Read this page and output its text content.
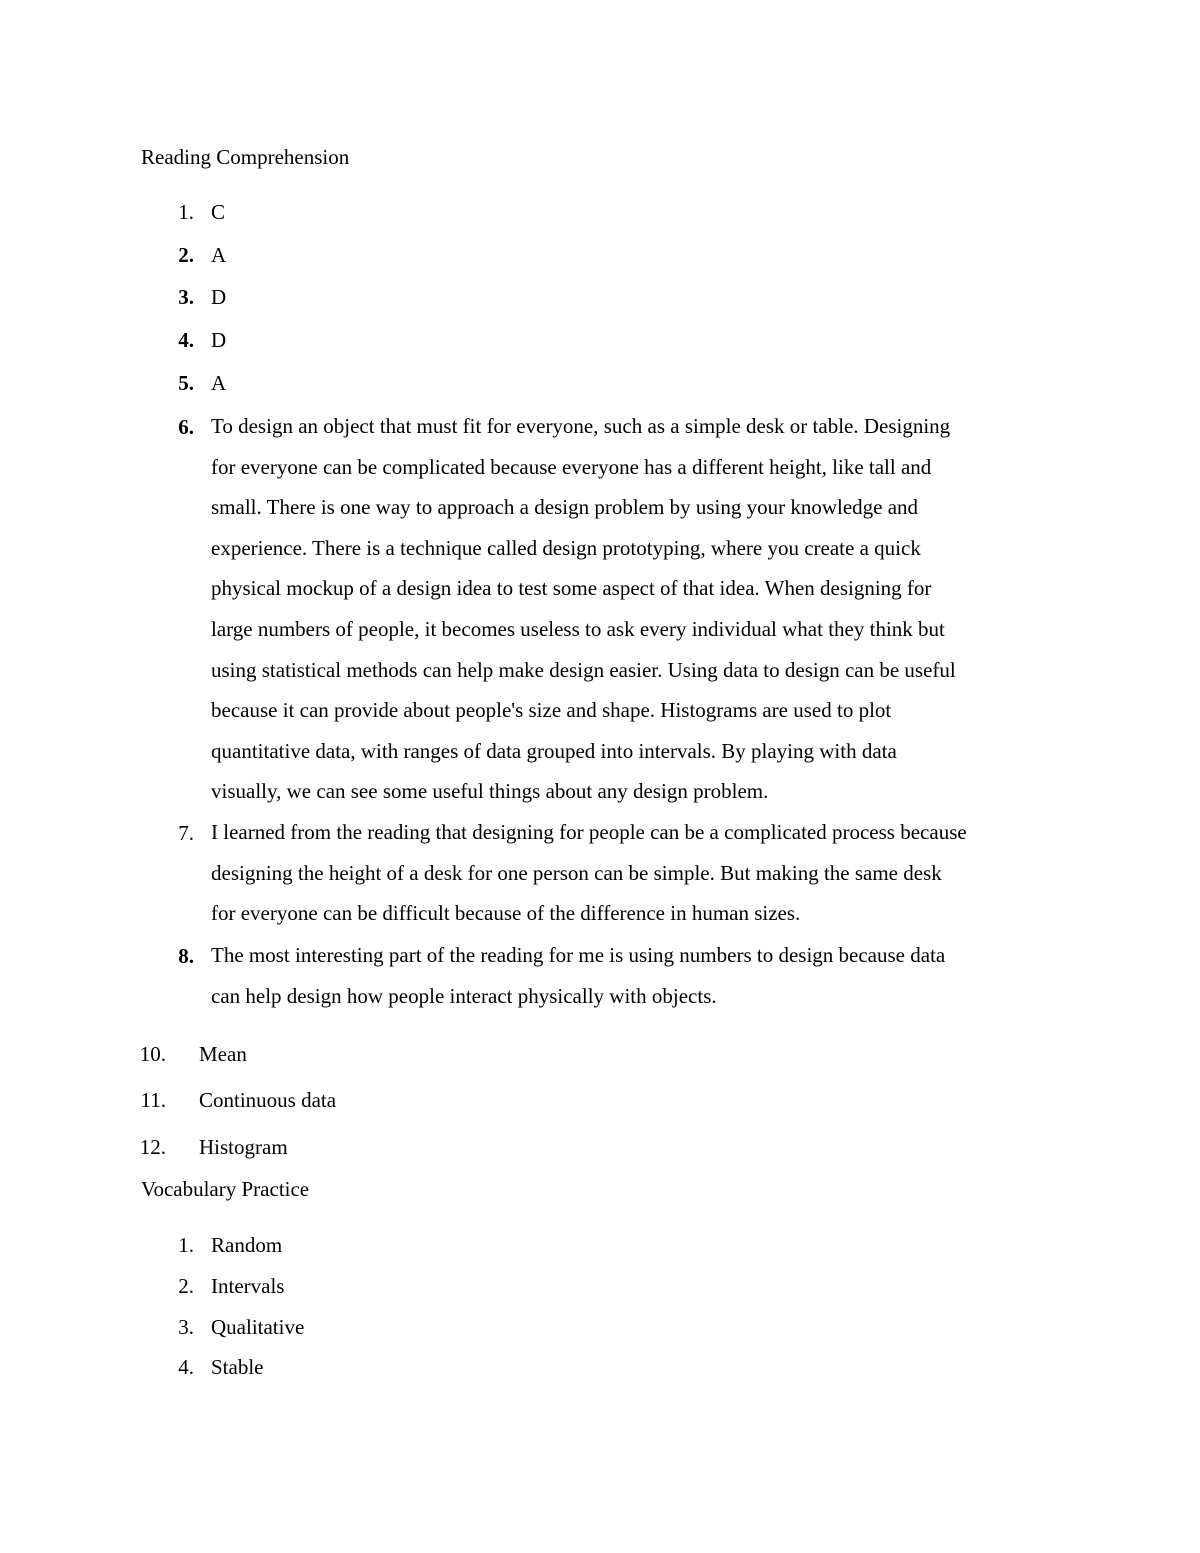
Reading Comprehension
1. C
2. A
3. D
4. D
5. A
6. To design an object that must fit for everyone, such as a simple desk or table. Designing
for everyone can be complicated because everyone has a different height, like tall and
small. There is one way to approach a design problem by using your knowledge and
experience. There is a technique called design prototyping, where you create a quick
physical mockup of a design idea to test some aspect of that idea. When designing for
large numbers of people, it becomes useless to ask every individual what they think but
using statistical methods can help make design easier. Using data to design can be useful
because it can provide about people's size and shape. Histograms are used to plot
quantitative data, with ranges of data grouped into intervals. By playing with data
visually, we can see some useful things about any design problem.
7. I learned from the reading that designing for people can be a complicated process because
designing the height of a desk for one person can be simple. But making the same desk
for everyone can be difficult because of the difference in human sizes.
8. The most interesting part of the reading for me is using numbers to design because data
can help design how people interact physically with objects.
10. Mean
11. Continuous data
12. Histogram
Vocabulary Practice
1. Random
2. Intervals
3. Qualitative
4. Stable
